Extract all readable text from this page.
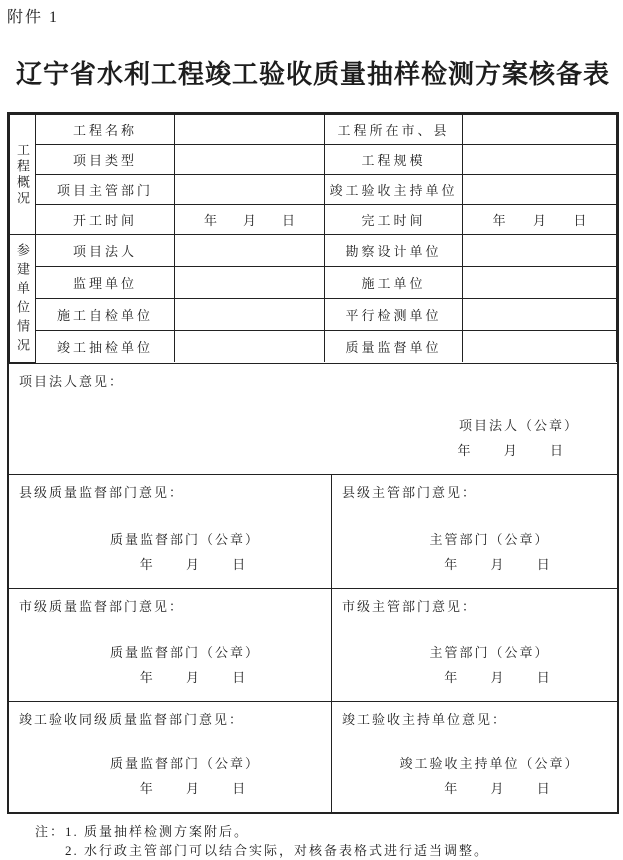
附件 1
辽宁省水利工程竣工验收质量抽样检测方案核备表
工程概况	工程名称		工程所在市、县	
	项目类型		工程规模	
	项目主管部门		竣工验收主持单位	
	开工时间	年 月 日	完工时间	年 月 日

参建单位情况	项目法人		勘察设计单位	
	监理单位		施工单位	
	施工自检单位		平行检测单位	
	竣工抽检单位		质量监督单位	
项目法人意见：
项目法人（公章）
年	月	日
县级质量监督部门意见：
质量监督部门（公章）
年	月	日
县级主管部门意见：
主管部门（公章）
年	月	日
市级质量监督部门意见：
质量监督部门（公章）
年	月	日
市级主管部门意见：
主管部门（公章）
年	月	日
竣工验收同级质量监督部门意见：
质量监督部门（公章）
年	月	日
竣工验收主持单位意见：
竣工验收主持单位（公章）
年	月	日
注： 1. 质量抽样检测方案附后。
2. 水行政主管部门可以结合实际，对核备表格式进行适当调整。
